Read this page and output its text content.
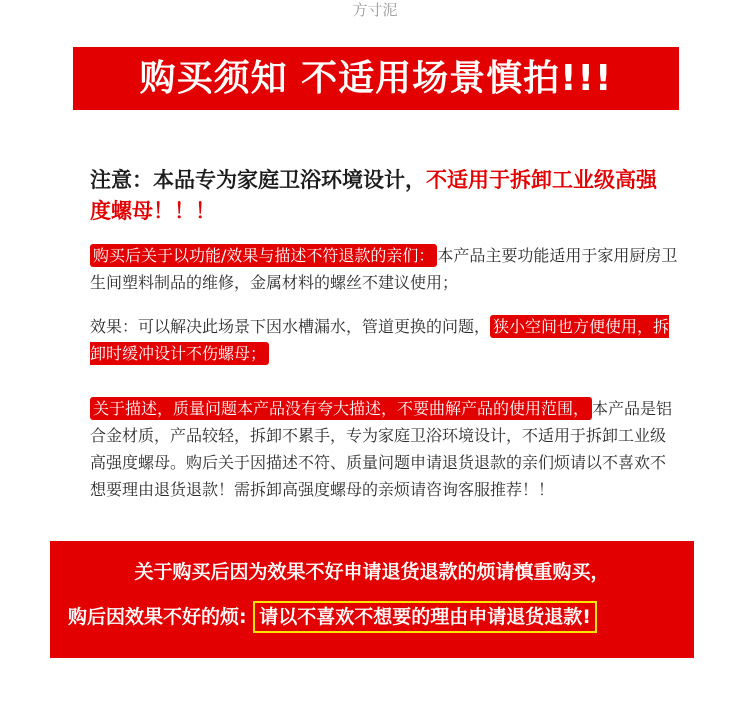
方寸泥
购买须知 不适用场景慎拍!!!
注意：本品专为家庭卫浴环境设计，不适用于拆卸工业级高强度螺母！！！
购买后关于以功能/效果与描述不符退款的亲们： 本产品主要功能适用于家用厨房卫生间塑料制品的维修，金属材料的螺丝不建议使用；
效果：可以解决此场景下因水槽漏水，管道更换的问题， 狭小空间也方便使用，拆卸时缓冲设计不伤螺母；
关于描述，质量问题本产品没有夸大描述，不要曲解产品的使用范围， 本产品是铝合金材质，产品较轻，拆卸不累手，专为家庭卫浴环境设计，不适用于拆卸工业级高强度螺母。购后关于因描述不符、质量问题申请退货退款的亲们烦请以不喜欢不想要理由退货退款！需拆卸高强度螺母的亲烦请咨询客服推荐！！
关于购买后因为效果不好申请退货退款的烦请慎重购买，
购后因效果不好的烦: 请以不喜欢不想要的理由申请退货退款!
